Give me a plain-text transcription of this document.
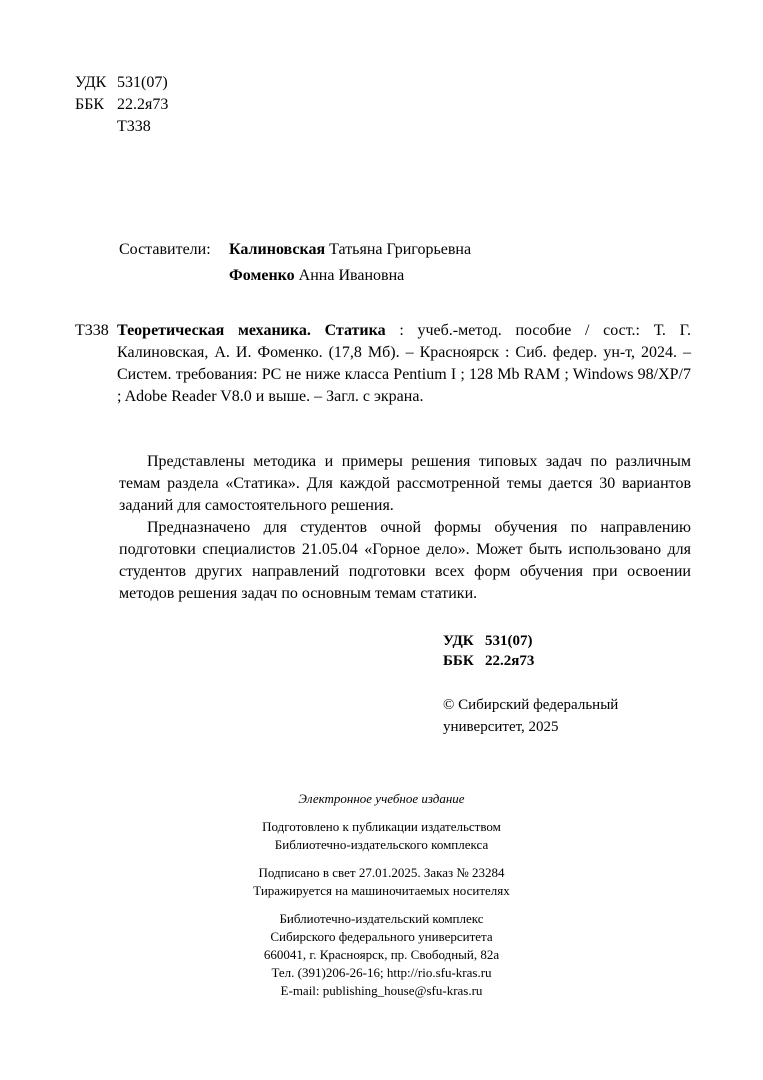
УДК 531(07)
ББК 22.2я73
Т338
Составители: Калиновская Татьяна Григорьевна
Фоменко Анна Ивановна
Т338 Теоретическая механика. Статика : учеб.-метод. пособие / сост.: Т. Г. Калиновская, А. И. Фоменко. (17,8 Мб). – Красноярск : Сиб. федер. ун-т, 2024. – Систем. требования: PC не ниже класса Pentium I ; 128 Mb RAM ; Windows 98/XP/7 ; Adobe Reader V8.0 и выше. – Загл. с экрана.

Представлены методика и примеры решения типовых задач по различным темам раздела «Статика». Для каждой рассмотренной темы дается 30 вариантов заданий для самостоятельного решения.

Предназначено для студентов очной формы обучения по направлению подготовки специалистов 21.05.04 «Горное дело». Может быть использовано для студентов других направлений подготовки всех форм обучения при освоении методов решения задач по основным темам статики.

УДК 531(07)
ББК 22.2я73
© Сибирский федеральный
университет, 2025
Электронное учебное издание
Подготовлено к публикации издательством
Библиотечно-издательского комплекса
Подписано в свет 27.01.2025. Заказ № 23284
Тиражируется на машиночитаемых носителях
Библиотечно-издательский комплекс
Сибирского федерального университета
660041, г. Красноярск, пр. Свободный, 82а
Тел. (391)206-26-16; http://rio.sfu-kras.ru
E-mail: publishing_house@sfu-kras.ru
